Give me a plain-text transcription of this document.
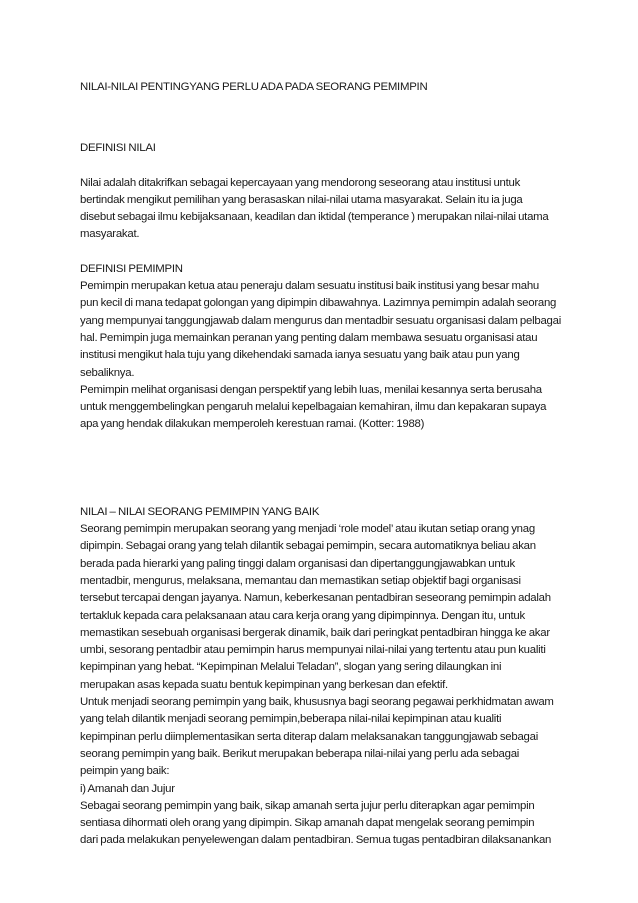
NILAI-NILAI PENTINGYANG PERLU ADA PADA SEORANG PEMIMPIN
DEFINISI NILAI
Nilai adalah ditakrifkan sebagai kepercayaan yang mendorong seseorang atau institusi untuk
bertindak mengikut pemilihan yang berasaskan nilai-nilai utama masyarakat. Selain itu ia juga
disebut sebagai ilmu kebijaksanaan, keadilan dan iktidal (temperance ) merupakan nilai-nilai utama
masyarakat.
DEFINISI PEMIMPIN
Pemimpin merupakan ketua atau peneraju dalam sesuatu institusi baik institusi yang besar mahu
pun kecil di mana tedapat golongan yang dipimpin dibawahnya. Lazimnya pemimpin adalah seorang
yang mempunyai tanggungjawab dalam mengurus dan mentadbir sesuatu organisasi dalam pelbagai
hal. Pemimpin juga memainkan peranan yang penting dalam membawa sesuatu organisasi atau
institusi mengikut hala tuju yang dikehendaki samada ianya sesuatu yang baik atau pun yang
sebaliknya.
Pemimpin melihat organisasi dengan perspektif yang lebih luas, menilai kesannya serta berusaha
untuk menggembelingkan pengaruh melalui kepelbagaian kemahiran, ilmu dan kepakaran supaya
apa yang hendak dilakukan memperoleh kerestuan ramai. (Kotter: 1988)
NILAI – NILAI SEORANG PEMIMPIN YANG BAIK
Seorang pemimpin merupakan seorang yang menjadi ‘role model’ atau ikutan setiap orang ynag
dipimpin. Sebagai orang yang telah dilantik sebagai pemimpin, secara automatiknya beliau akan
berada pada hierarki yang paling tinggi dalam organisasi dan dipertanggungjawabkan untuk
mentadbir, mengurus, melaksana, memantau dan memastikan setiap objektif bagi organisasi
tersebut tercapai dengan jayanya. Namun, keberkesanan pentadbiran seseorang pemimpin adalah
tertakluk kepada cara pelaksanaan atau cara kerja orang yang dipimpinnya. Dengan itu, untuk
memastikan sesebuah organisasi bergerak dinamik, baik dari peringkat pentadbiran hingga ke akar
umbi, sesorang pentadbir atau pemimpin harus mempunyai nilai-nilai yang tertentu atau pun kualiti
kepimpinan yang hebat. “Kepimpinan Melalui Teladan”, slogan yang sering dilaungkan ini
merupakan asas kepada suatu bentuk kepimpinan yang berkesan dan efektif.
Untuk menjadi seorang pemimpin yang baik, khususnya bagi seorang pegawai perkhidmatan awam
yang telah dilantik menjadi seorang pemimpin,beberapa nilai-nilai kepimpinan atau kualiti
kepimpinan perlu diimplementasikan serta diterap dalam melaksanakan tanggungjawab sebagai
seorang pemimpin yang baik. Berikut merupakan beberapa nilai-nilai yang perlu ada sebagai
peimpin yang baik:
i) Amanah dan Jujur
Sebagai seorang pemimpin yang baik, sikap amanah serta jujur perlu diterapkan agar pemimpin
sentiasa dihormati oleh orang yang dipimpin. Sikap amanah dapat mengelak seorang pemimpin
dari pada melakukan penyelewengan dalam pentadbiran. Semua tugas pentadbiran dilaksanankan
